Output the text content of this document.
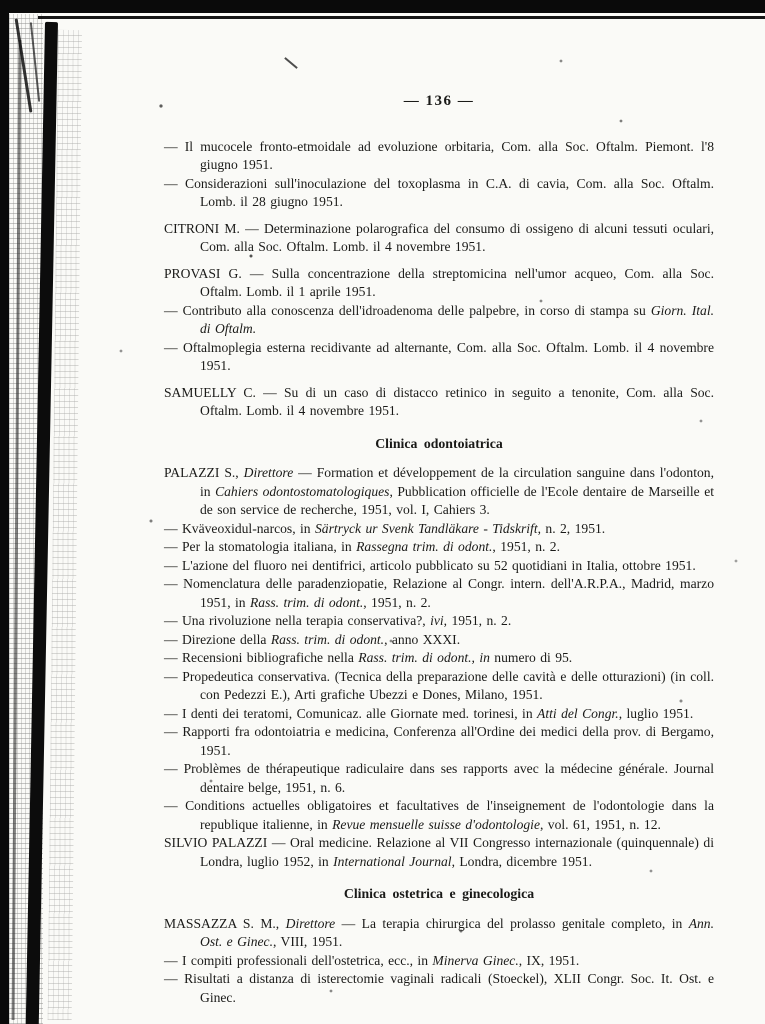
— 136 —
— Il mucocele fronto-etmoidale ad evoluzione orbitaria, Com. alla Soc. Oftalm. Piemont. l'8 giugno 1951.
— Considerazioni sull'inoculazione del toxoplasma in C.A. di cavia, Com. alla Soc. Oftalm. Lomb. il 28 giugno 1951.
CITRONI M. — Determinazione polarografica del consumo di ossigeno di alcuni tessuti oculari, Com. alla Soc. Oftalm. Lomb. il 4 novembre 1951.
PROVASI G. — Sulla concentrazione della streptomicina nell'umor acqueo, Com. alla Soc. Oftalm. Lomb. il 1 aprile 1951.
— Contributo alla conoscenza dell'idroadenoma delle palpebre, in corso di stampa su Giorn. Ital. di Oftalm.
— Oftalmoplegia esterna recidivante ad alternante, Com. alla Soc. Oftalm. Lomb. il 4 novembre 1951.
SAMUELLY C. — Su di un caso di distacco retinico in seguito a tenonite, Com. alla Soc. Oftalm. Lomb. il 4 novembre 1951.
Clinica odontoiatrica
PALAZZI S., Direttore — Formation et développement de la circulation sanguine dans l'odonton, in Cahiers odontostomatologiques, Pubblication officielle de l'Ecole dentaire de Marseille et de son service de recherche, 1951, vol. I, Cahiers 3.
— Kväveoxidul-narcos, in Särtryck ur Svenk Tandläkare - Tidskrift, n. 2, 1951.
— Per la stomatologia italiana, in Rassegna trim. di odont., 1951, n. 2.
— L'azione del fluoro nei dentifrici, articolo pubblicato su 52 quotidiani in Italia, ottobre 1951.
— Nomenclatura delle paradenziopatie, Relazione al Congr. intern. dell'A.R.P.A., Madrid, marzo 1951, in Rass. trim. di odont., 1951, n. 2.
— Una rivoluzione nella terapia conservativa?, ivi, 1951, n. 2.
— Direzione della Rass. trim. di odont., anno XXXI.
— Recensioni bibliografiche nella Rass. trim. di odont., in numero di 95.
— Propedeutica conservativa. (Tecnica della preparazione delle cavità e delle otturazioni) (in coll. con Pedezzi E.), Arti grafiche Ubezzi e Dones, Milano, 1951.
— I denti dei teratomi, Comunicaz. alle Giornate med. torinesi, in Atti del Congr., luglio 1951.
— Rapporti fra odontoiatria e medicina, Conferenza all'Ordine dei medici della prov. di Bergamo, 1951.
— Problèmes de thérapeutique radiculaire dans ses rapports avec la médecine générale. Journal dentaire belge, 1951, n. 6.
— Conditions actuelles obligatoires et facultatives de l'inseignement de l'odontologie dans la republique italienne, in Revue mensuelle suisse d'odontologie, vol. 61, 1951, n. 12.
SILVIO PALAZZI — Oral medicine. Relazione al VII Congresso internazionale (quinquennale) di Londra, luglio 1952, in International Journal, Londra, dicembre 1951.
Clinica ostetrica e ginecologica
MASSAZZA S. M., Direttore — La terapia chirurgica del prolasso genitale completo, in Ann. Ost. e Ginec., VIII, 1951.
— I compiti professionali dell'ostetrica, ecc., in Minerva Ginec., IX, 1951.
— Risultati a distanza di isterectomie vaginali radicali (Stoeckel), XLII Congr. Soc. It. Ost. e Ginec.
